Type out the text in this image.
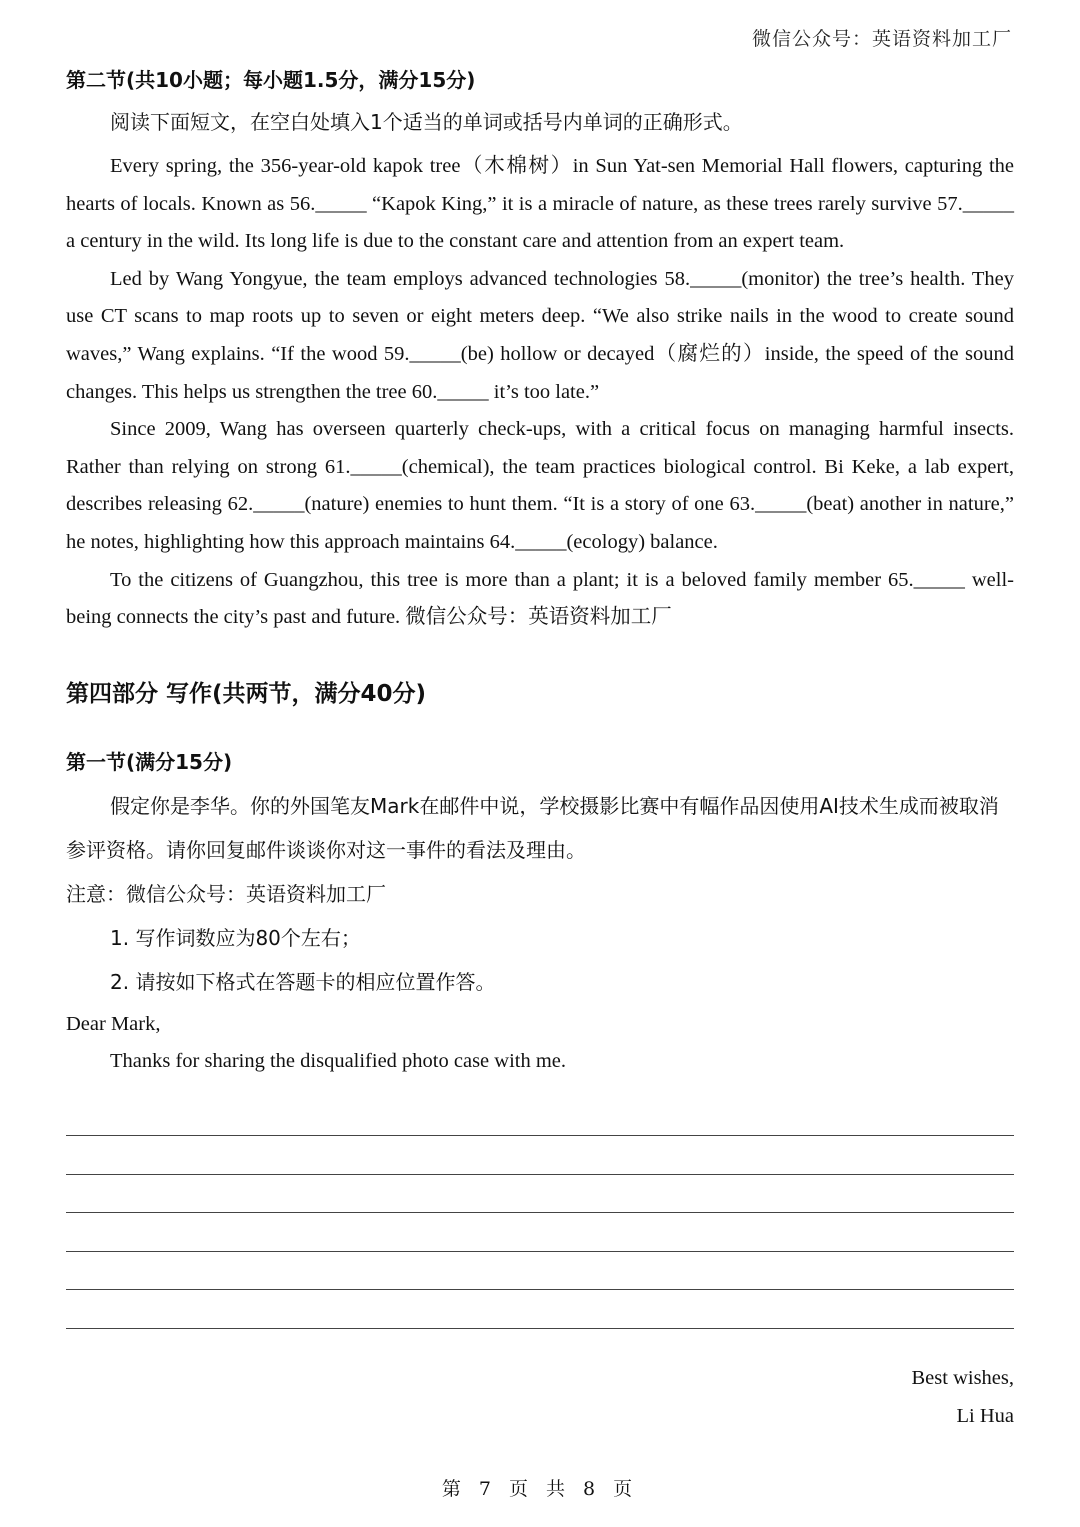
微信公众号：英语资料加工厂
第二节(共10小题；每小题1.5分，满分15分)

阅读下面短文，在空白处填入1个适当的单词或括号内单词的正确形式。

Every spring, the 356-year-old kapok tree（木棉树）in Sun Yat-sen Memorial Hall flowers, capturing the hearts of locals. Known as 56._____ “Kapok King,” it is a miracle of nature, as these trees rarely survive 57._____ a century in the wild. Its long life is due to the constant care and attention from an expert team.

Led by Wang Yongyue, the team employs advanced technologies 58._____(monitor) the tree’s health. They use CT scans to map roots up to seven or eight meters deep. “We also strike nails in the wood to create sound waves,” Wang explains. “If the wood 59._____(be) hollow or decayed（腐烂的）inside, the speed of the sound changes. This helps us strengthen the tree 60._____ it’s too late.”

Since 2009, Wang has overseen quarterly check-ups, with a critical focus on managing harmful insects. Rather than relying on strong 61._____(chemical), the team practices biological control. Bi Keke, a lab expert, describes releasing 62._____(nature) enemies to hunt them. “It is a story of one 63._____(beat) another in nature,” he notes, highlighting how this approach maintains 64._____(ecology) balance.

To the citizens of Guangzhou, this tree is more than a plant; it is a beloved family member 65._____ well-being connects the city’s past and future. 微信公众号：英语资料加工厂

第四部分 写作(共两节，满分40分)
第一节(满分15分)

假定你是李华。你的外国笔友Mark在邮件中说，学校摄影比赛中有幅作品因使用AI技术生成而被取消参评资格。请你回复邮件谈谈你对这一事件的看法及理由。

注意：微信公众号：英语资料加工厂

1. 写作词数应为80个左右；

2. 请按如下格式在答题卡的相应位置作答。

Dear Mark,

Thanks for sharing the disqualified photo case with me.

Best wishes,
Li Hua
第 7 页 共 8 页
